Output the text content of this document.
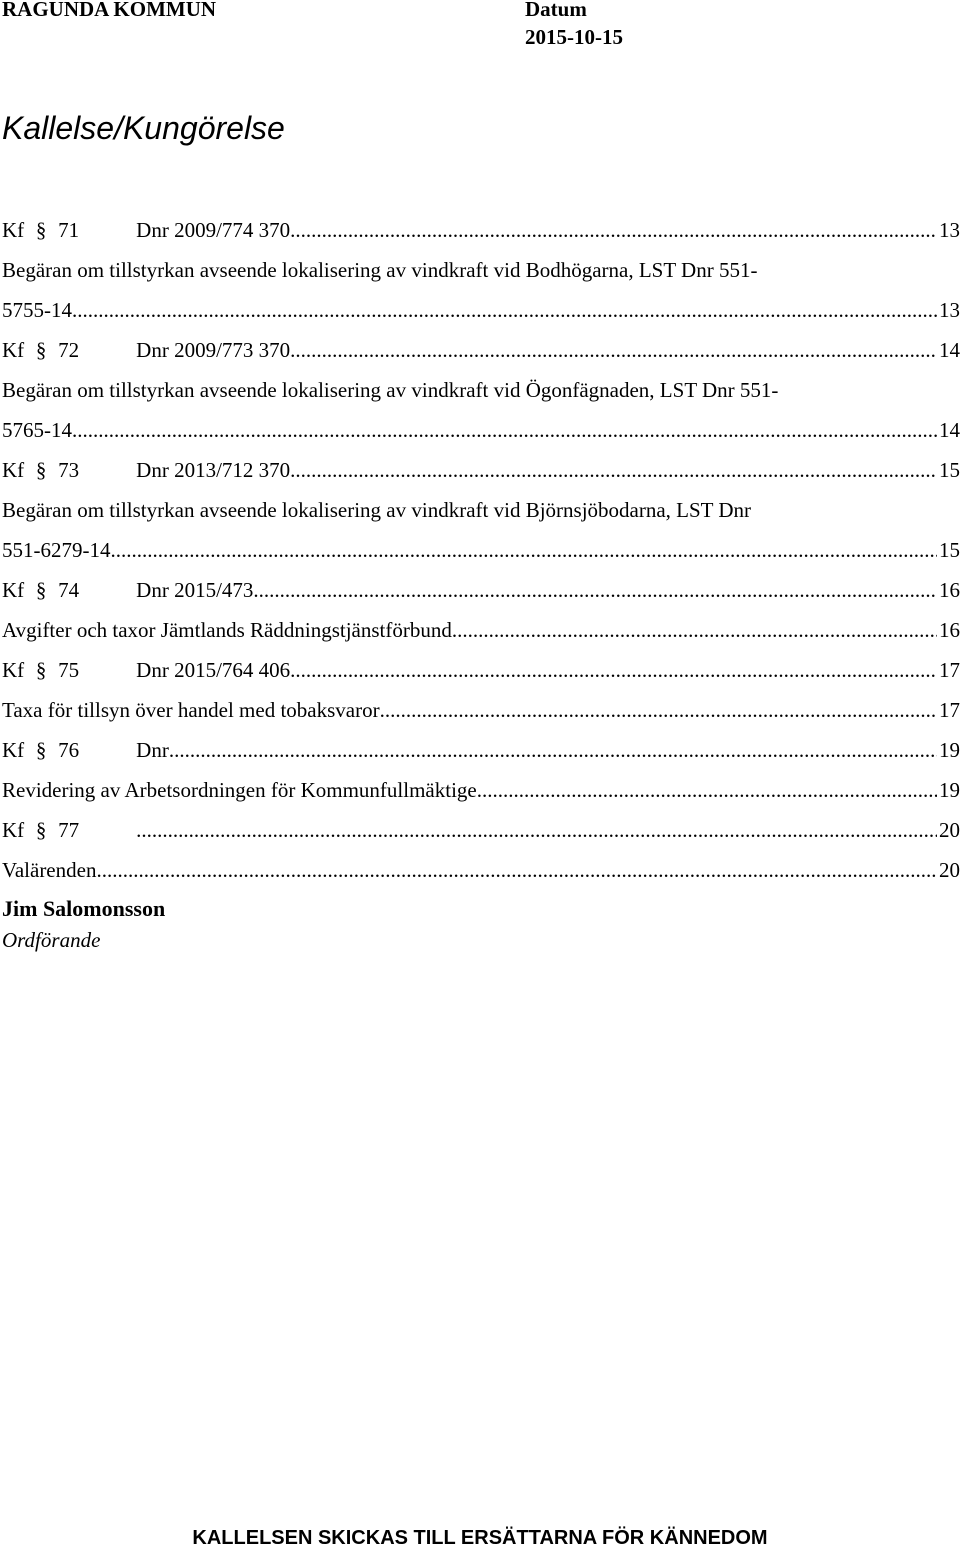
RAGUNDA KOMMUN	Datum
2015-10-15
Kallelse/Kungörelse
Kf § 71	Dnr 2009/774 370 .....	13
Begäran om tillstyrkan avseende lokalisering av vindkraft vid Bodhögarna, LST Dnr 551-
5755-14 .....	13
Kf § 72	Dnr 2009/773 370 .....	14
Begäran om tillstyrkan avseende lokalisering av vindkraft vid Ögonfägnaden, LST Dnr 551-
5765-14 .....	14
Kf § 73	Dnr 2013/712 370 .....	15
Begäran om tillstyrkan avseende lokalisering av vindkraft vid Björnsjöbodarna, LST Dnr
551-6279-14 .....	15
Kf § 74	Dnr 2015/473 .....	16
Avgifter och taxor Jämtlands Räddningstjänstförbund .....	16
Kf § 75	Dnr 2015/764 406 .....	17
Taxa för tillsyn över handel med tobaksvaror .....	17
Kf § 76	Dnr .....	19
Revidering av Arbetsordningen för Kommunfullmäktige .....	19
Kf § 77 .....	20
Valärenden .....	20
Jim Salomonsson
Ordförande
KALLELSEN SKICKAS TILL ERSÄTTARNA FÖR KÄNNEDOM
